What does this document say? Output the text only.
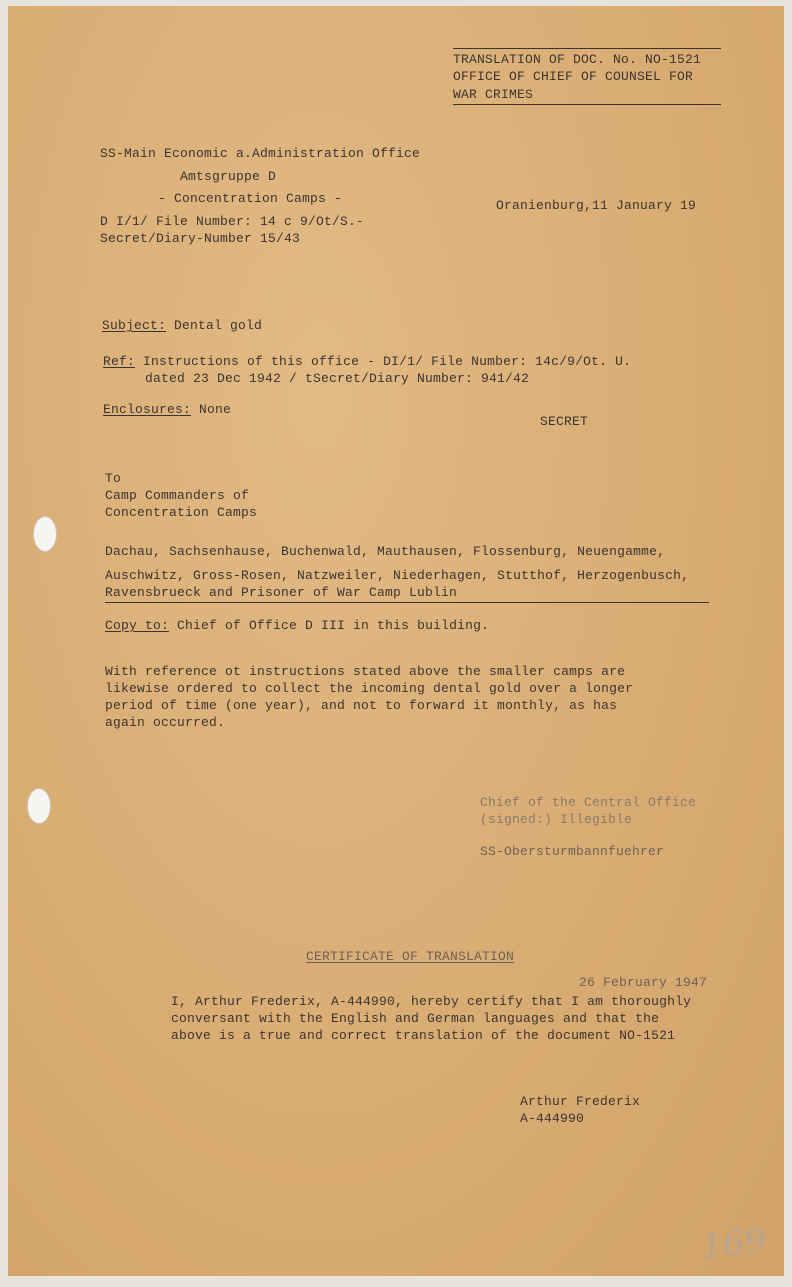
TRANSLATION OF DOC. No. NO-1521
OFFICE OF CHIEF OF COUNSEL FOR
WAR CRIMES
SS-Main Economic a.Administration Office
Amtsgruppe D
- Concentration Camps -
D I/1/ File Number: 14 c 9/Ot/S.-
Secret/Diary-Number 15/43
Oranienburg,11 January 19
Subject: Dental gold
Ref: Instructions of this office - DI/1/ File Number: 14c/9/Ot. U.
dated 23 Dec 1942 / tSecret/Diary Number: 941/42
Enclosures: None
SECRET
To
Camp Commanders of
Concentration Camps
Dachau, Sachsenhause, Buchenwald, Mauthausen, Flossenburg, Neuengamme,
Auschwitz, Gross-Rosen, Natzweiler, Niederhagen, Stutthof, Herzogenbusch,
Ravensbrueck and Prisoner of War Camp Lublin
Copy to: Chief of Office D III in this building.
With reference ot instructions stated above the smaller camps are
likewise ordered to collect the incoming dental gold over a longer
period of time (one year), and not to forward it monthly, as has
again occurred.
Chief of the Central Office
(signed:) Illegible
SS-Obersturmbannfuehrer
CERTIFICATE OF TRANSLATION
26 February 1947
I, Arthur Frederix, A-444990, hereby certify that I am thoroughly
conversant with the English and German languages and that the
above is a true and correct translation of the document NO-1521
Arthur Frederix
A-444990
169
